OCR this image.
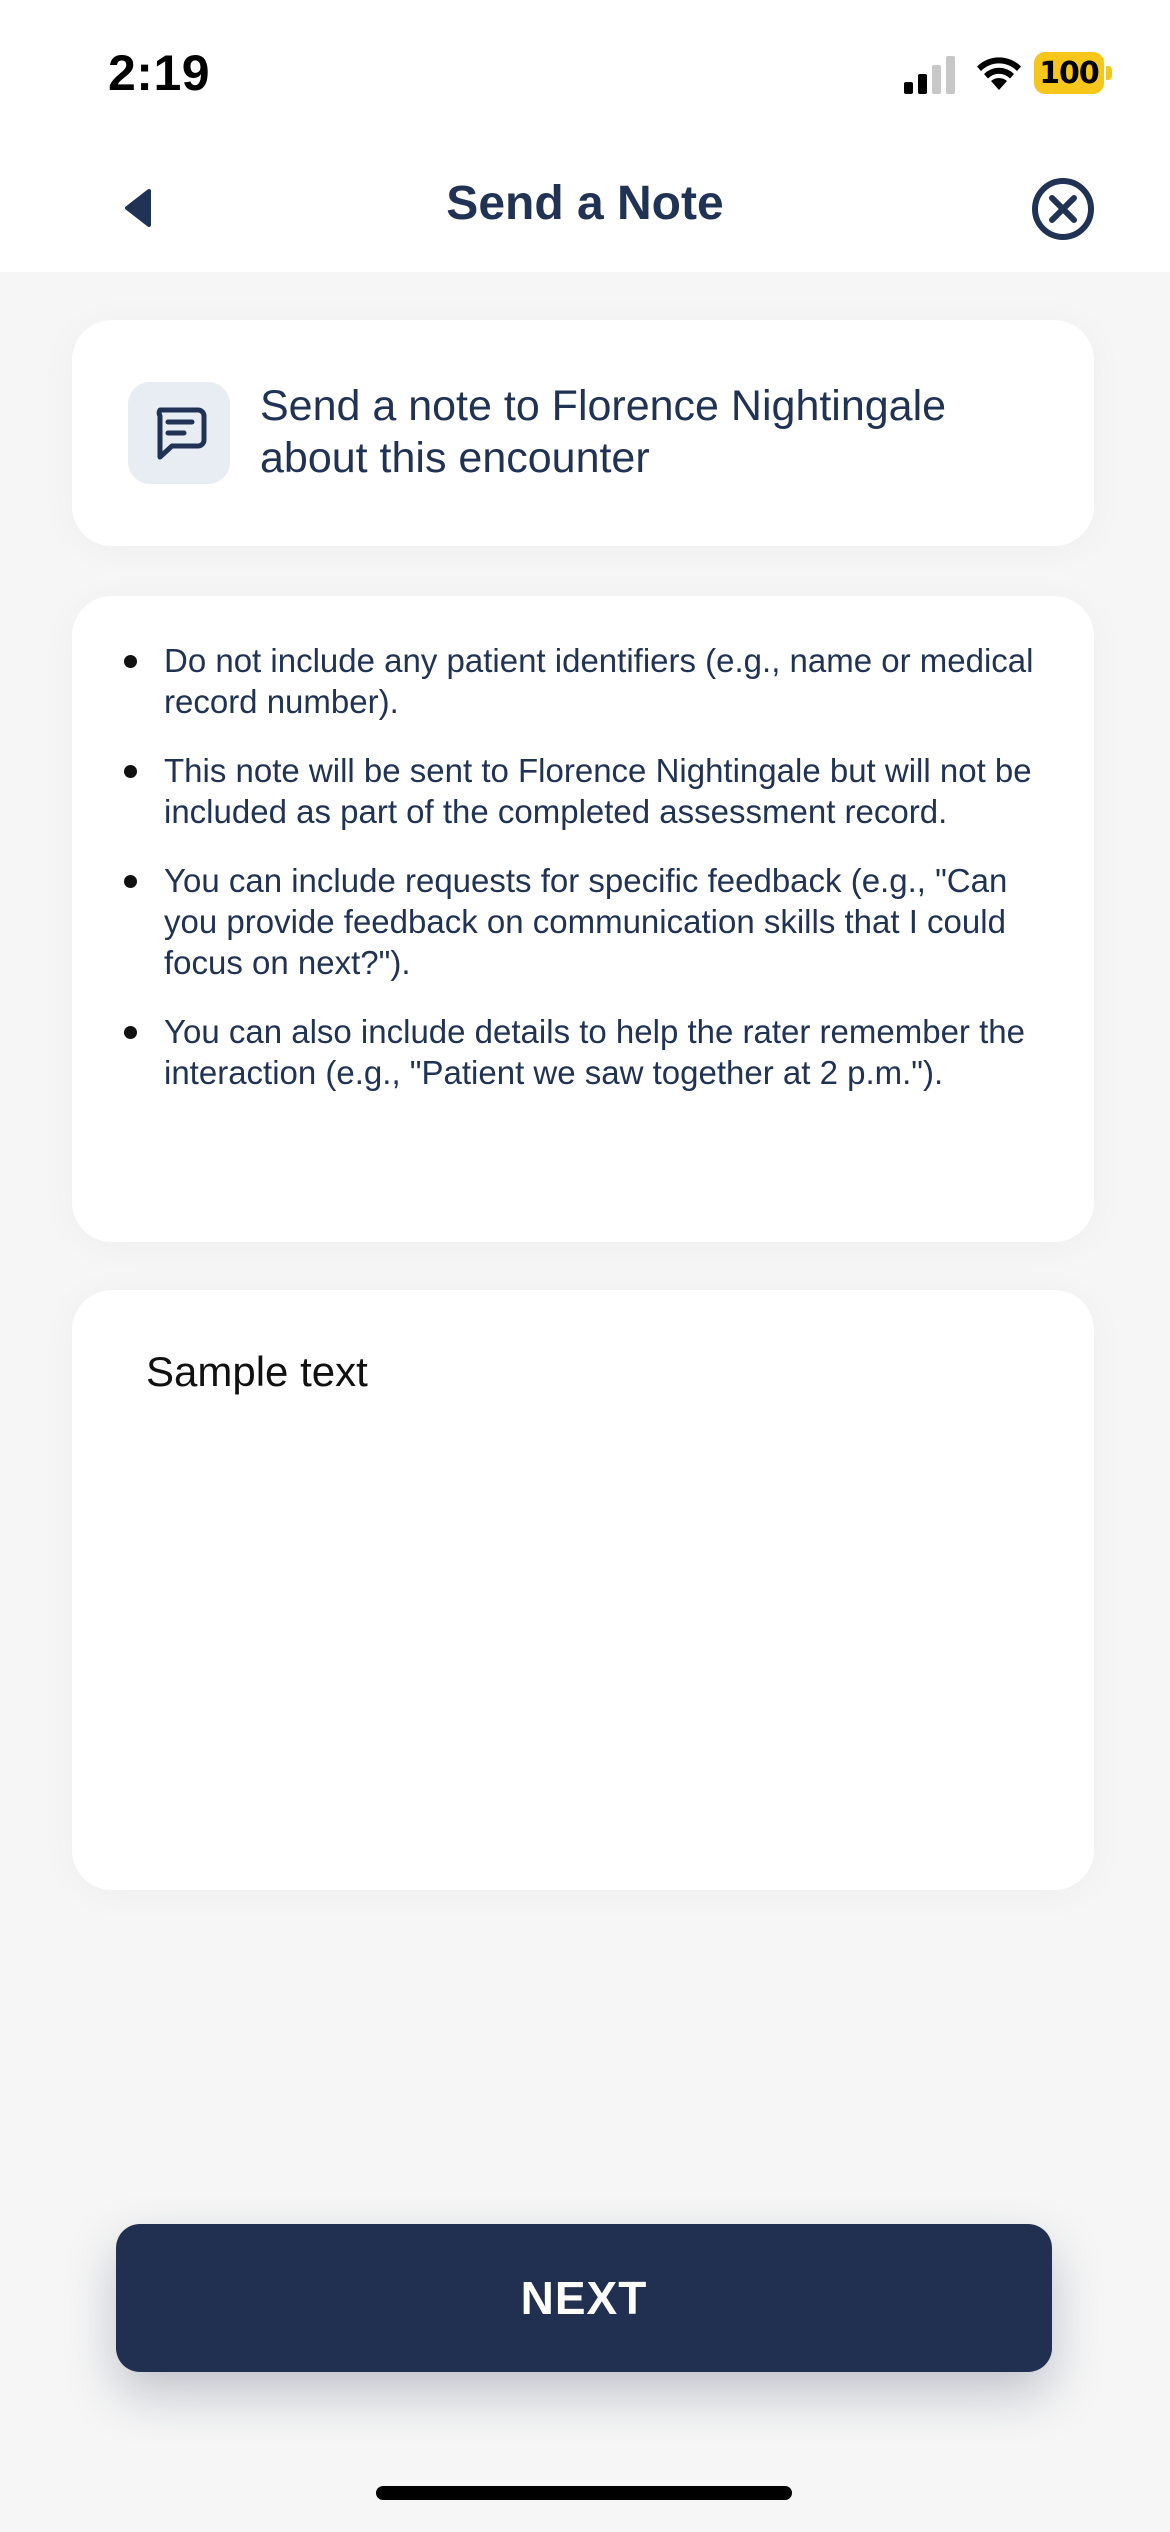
2:19	100
Send a Note
Send a note to Florence Nightingale about this encounter
Do not include any patient identifiers (e.g., name or medical record number).
This note will be sent to Florence Nightingale but will not be included as part of the completed assessment record.
You can include requests for specific feedback (e.g., "Can you provide feedback on communication skills that I could focus on next?").
You can also include details to help the rater remember the interaction (e.g., "Patient we saw together at 2 p.m.").
Sample text
NEXT
